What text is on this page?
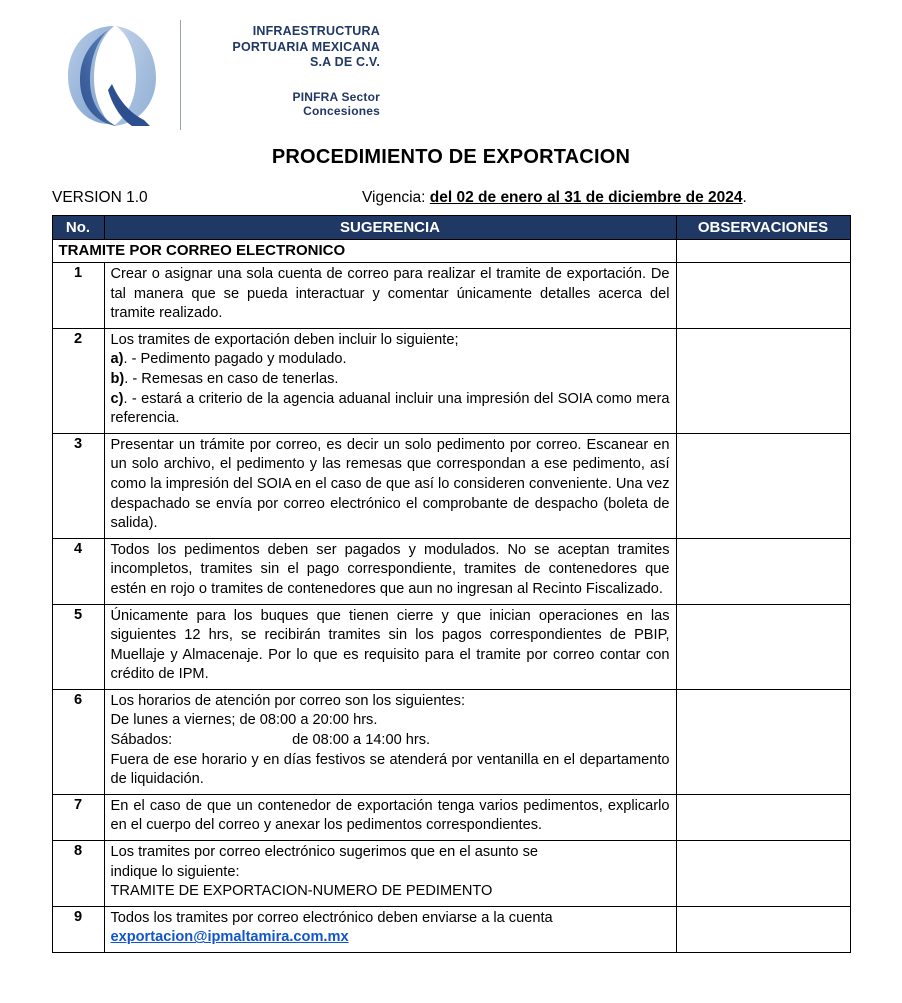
INFRAESTRUCTURA
PORTUARIA MEXICANA
S.A DE C.V.
PINFRA Sector
Concesiones
PROCEDIMIENTO DE EXPORTACION
VERSION 1.0	Vigencia: del 02 de enero al 31 de diciembre de 2024.
No.	SUGERENCIA	OBSERVACIONES
TRAMITE POR CORREO ELECTRONICO		
1	Crear o asignar una sola cuenta de correo para realizar el tramite de exportación. De tal manera que se pueda interactuar y comentar únicamente detalles acerca del tramite realizado.	
2	Los tramites de exportación deben incluir lo siguiente;
a). - Pedimento pagado y modulado.
b). - Remesas en caso de tenerlas.
c). - estará a criterio de la agencia aduanal incluir una impresión del SOIA como mera referencia.	

3	Presentar un trámite por correo, es decir un solo pedimento por correo. Escanear en un solo archivo, el pedimento y las remesas que correspondan a ese pedimento, así como la impresión del SOIA en el caso de que así lo consideren conveniente. Una vez despachado se envía por correo electrónico el comprobante de despacho (boleta de salida).	
4	Todos los pedimentos deben ser pagados y modulados. No se aceptan tramites incompletos, tramites sin el pago correspondiente, tramites de contenedores que estén en rojo o tramites de contenedores que aun no ingresan al Recinto Fiscalizado.	
5	Únicamente para los buques que tienen cierre y que inician operaciones en las siguientes 12 hrs, se recibirán tramites sin los pagos correspondientes de PBIP, Muellaje y Almacenaje. Por lo que es requisito para el tramite por correo contar con crédito de IPM.	
6	Los horarios de atención por correo son los siguientes:
De lunes a viernes; de 08:00 a 20:00 hrs.
Sábados: de 08:00 a 14:00 hrs.
Fuera de ese horario y en días festivos se atenderá por ventanilla en el departamento de liquidación.	

7	En el caso de que un contenedor de exportación tenga varios pedimentos, explicarlo en el cuerpo del correo y anexar los pedimentos correspondientes.	
8	Los tramites por correo electrónico sugerimos que en el asunto se
indique lo siguiente:
TRAMITE DE EXPORTACION-NUMERO DE PEDIMENTO	

9	Todos los tramites por correo electrónico deben enviarse a la cuenta
exportacion@ipmaltamira.com.mx	
